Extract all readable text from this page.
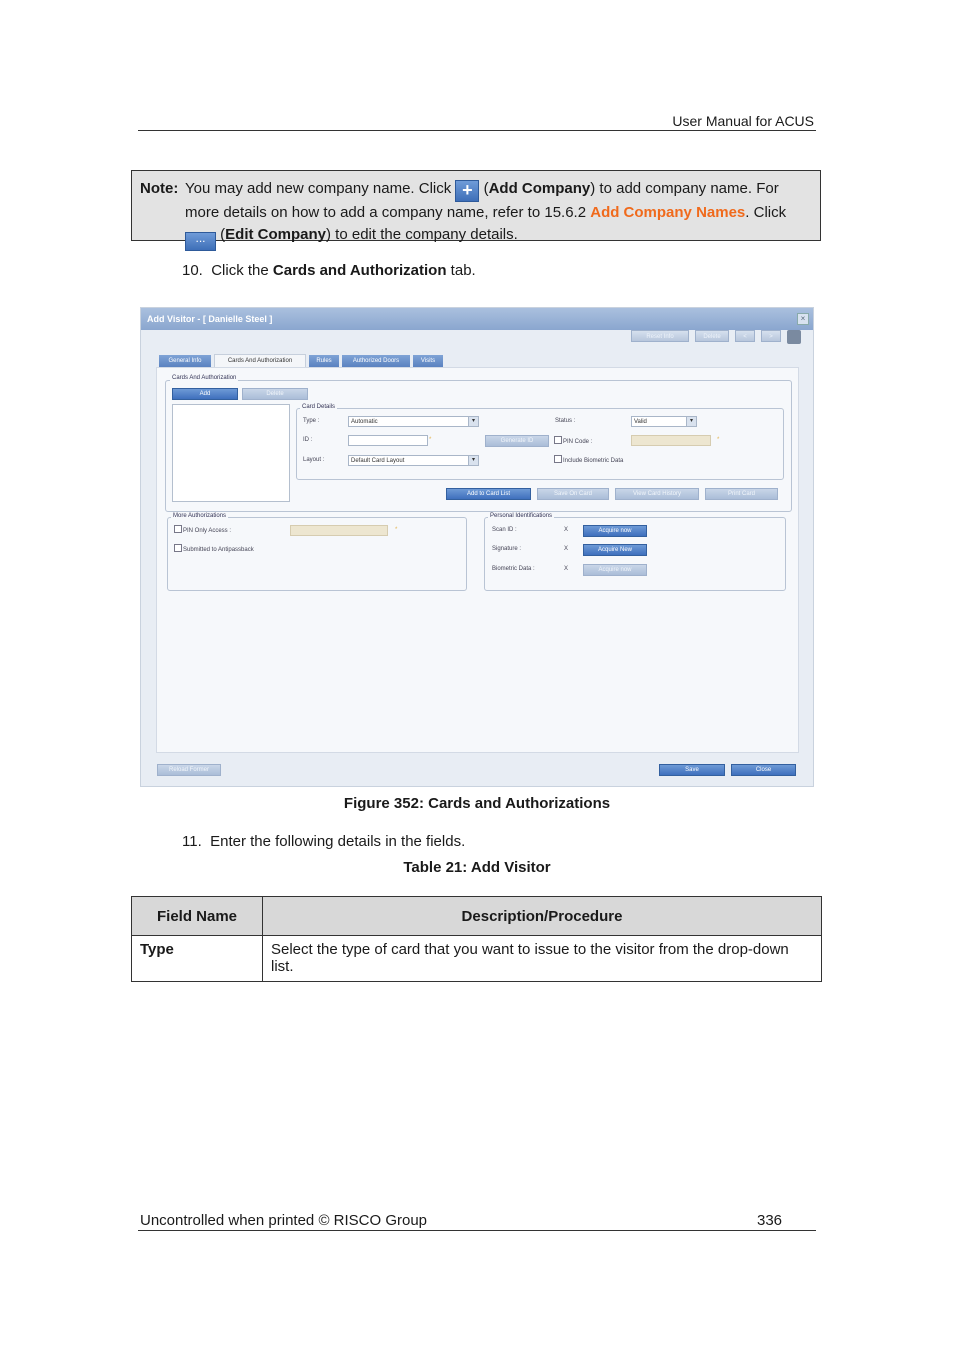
User Manual for ACUS
Note: You may add new company name. Click + (Add Company) to add company name. For more details on how to add a company name, refer to 15.6.2 Add Company Names. Click
... (Edit Company) to edit the company details.
10. Click the Cards and Authorization tab.
Add Visitor - [ Danielle Steel ]	×
Reset Info	Delete	<	>
General Info	Cards And Authorization	Rules	Authorized Doors	Visits
Cards And Authorization
Add	Delete
Card Details
Type :	Automatic	▾
ID :	*
Layout :	Default Card Layout	▾
Generate ID
Status :	Valid	▾
PIN Code :	*
Include Biometric Data
Add to Card List	Save On Card	View Card History	Print Card
More Authorizations
PIN Only Access :	*
Submitted to Antipassback
Personal Identifications
Scan ID :	X	Acquire now
Signature :	X	Acquire New
Biometric Data :	X	Acquire now
Reload Former	Save	Close
Figure 352: Cards and Authorizations
11. Enter the following details in the fields.
Table 21: Add Visitor
Field Name	Description/Procedure
Type	Select the type of card that you want to issue to the visitor from the drop-down list.
Uncontrolled when printed © RISCO Group	336
